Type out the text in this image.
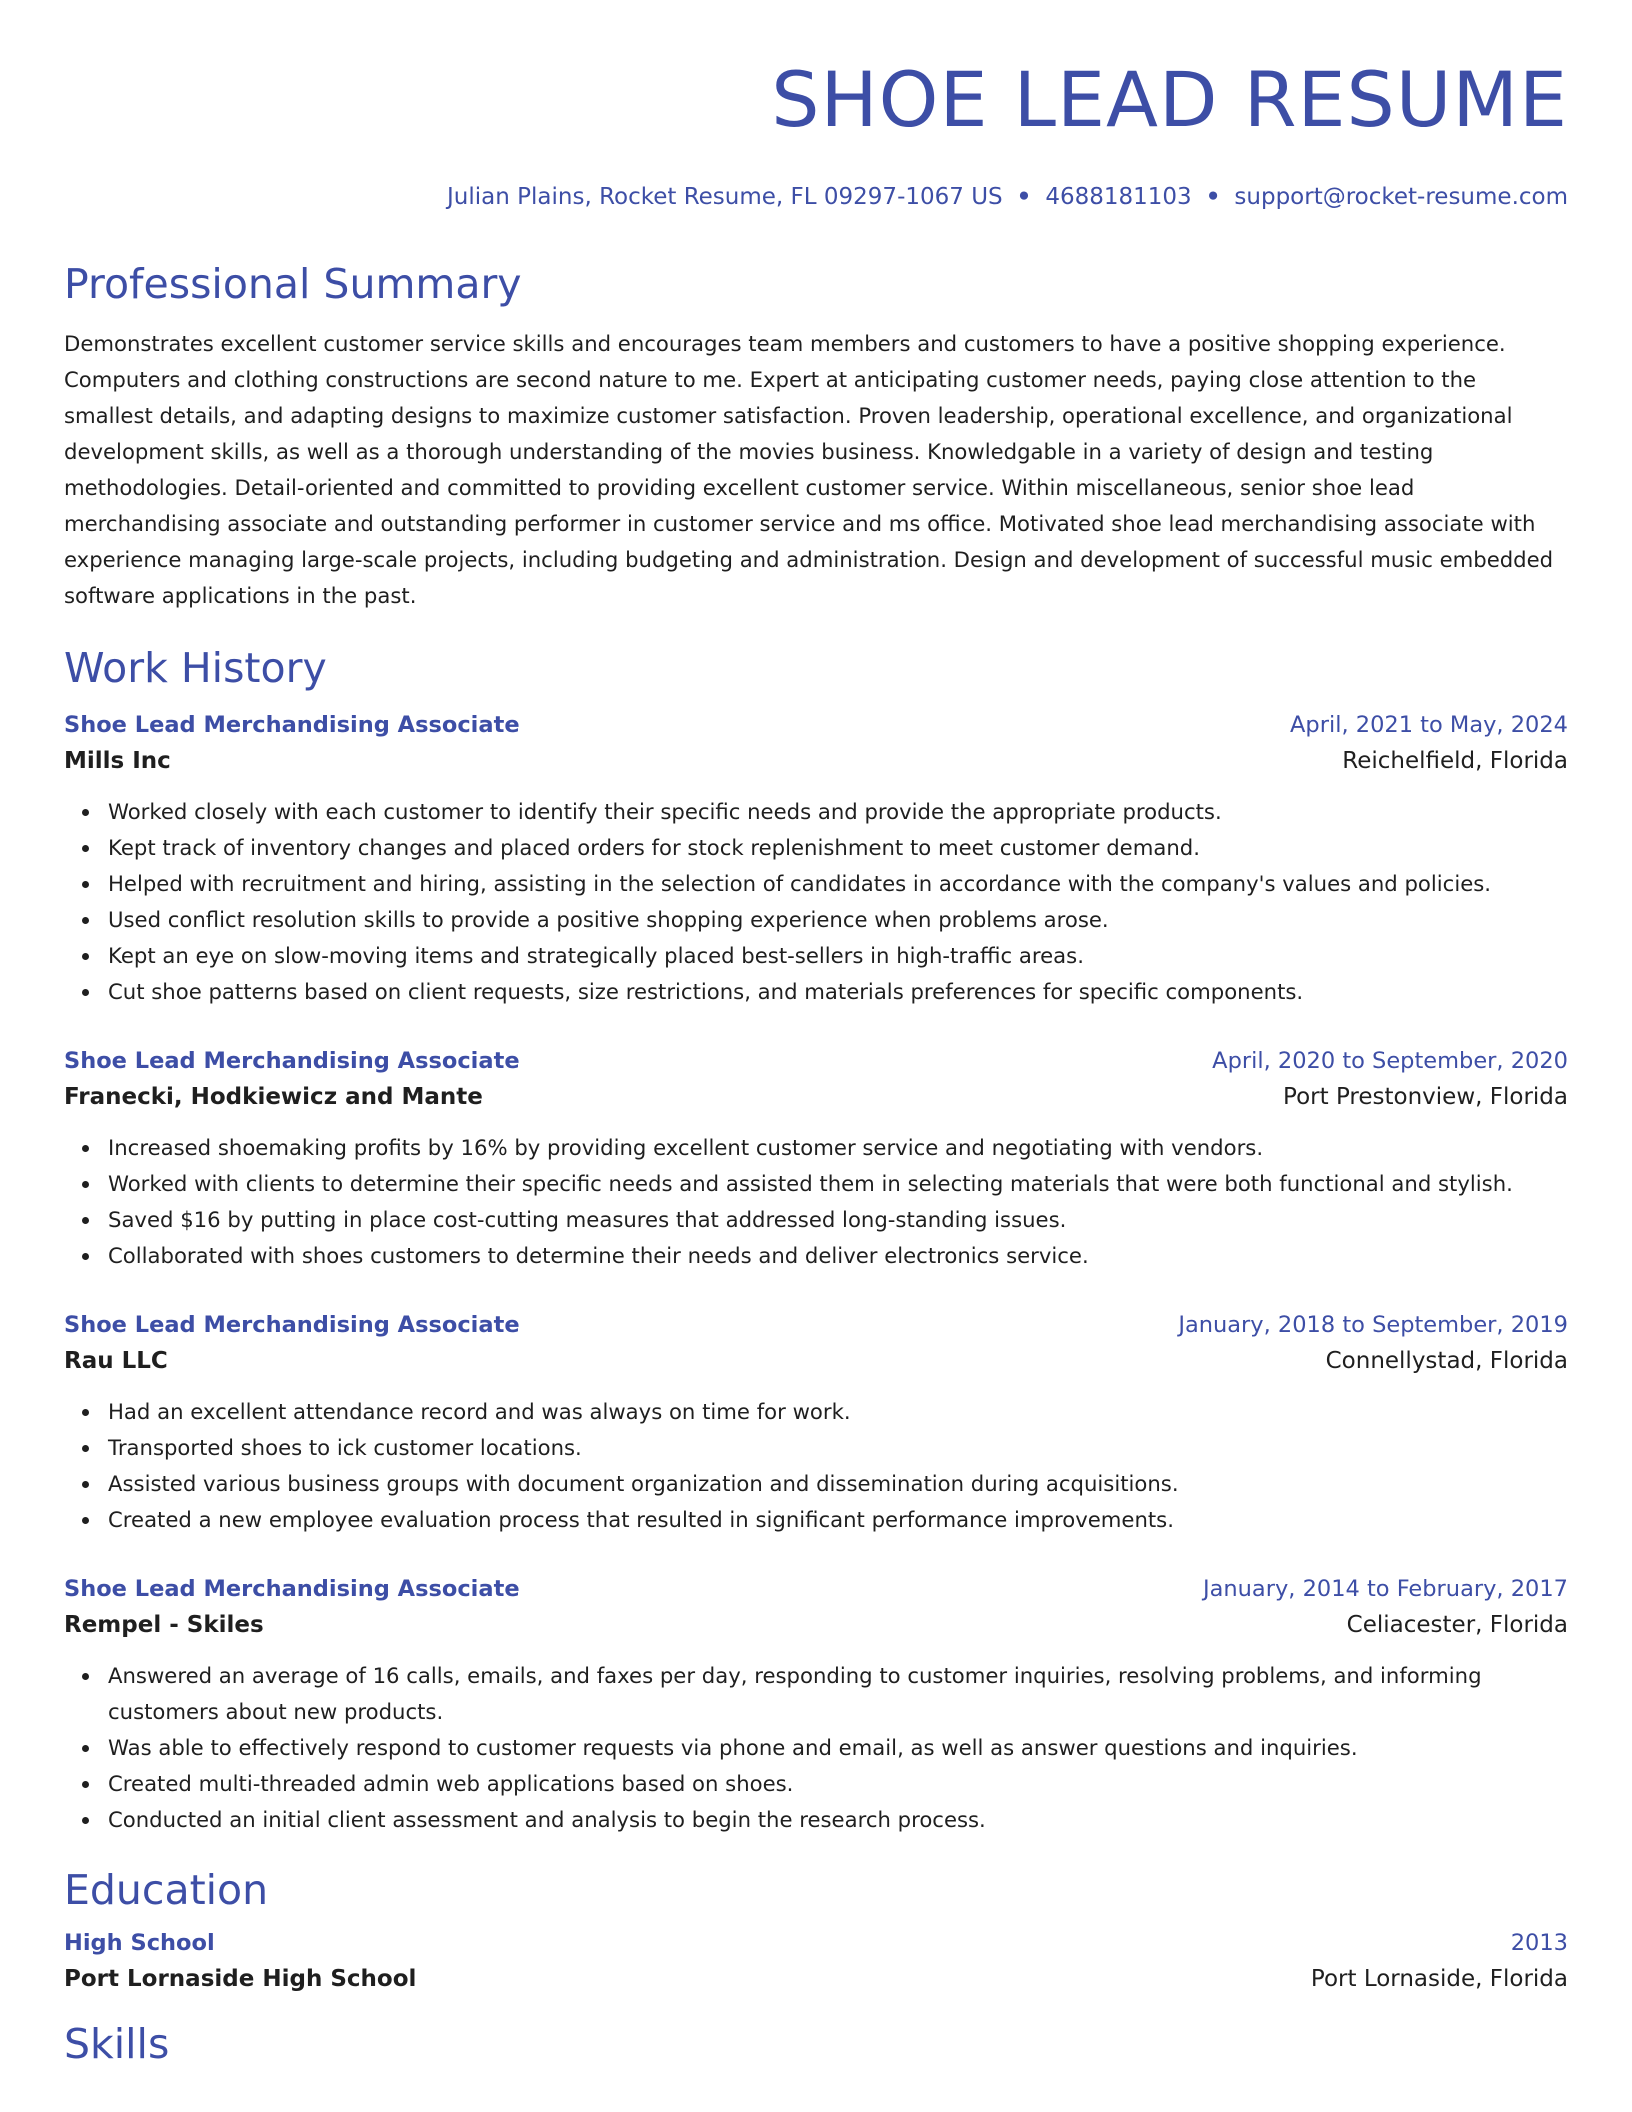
SHOE LEAD RESUME
Julian Plains, Rocket Resume, FL 09297-1067 US • 4688181103 • support@rocket-resume.com
Professional Summary

Demonstrates excellent customer service skills and encourages team members and customers to have a positive shopping experience. Computers and clothing constructions are second nature to me. Expert at anticipating customer needs, paying close attention to the smallest details, and adapting designs to maximize customer satisfaction. Proven leadership, operational excellence, and organizational development skills, as well as a thorough understanding of the movies business. Knowledgable in a variety of design and testing methodologies. Detail-oriented and committed to providing excellent customer service. Within miscellaneous, senior shoe lead merchandising associate and outstanding performer in customer service and ms office. Motivated shoe lead merchandising associate with experience managing large-scale projects, including budgeting and administration. Design and development of successful music embedded software applications in the past.

Work History
Shoe Lead Merchandising Associate	April, 2021 to May, 2024
Mills Inc	Reichelfield, Florida
Worked closely with each customer to identify their specific needs and provide the appropriate products.
Kept track of inventory changes and placed orders for stock replenishment to meet customer demand.
Helped with recruitment and hiring, assisting in the selection of candidates in accordance with the company's values and policies.
Used conflict resolution skills to provide a positive shopping experience when problems arose.
Kept an eye on slow-moving items and strategically placed best-sellers in high-traffic areas.
Cut shoe patterns based on client requests, size restrictions, and materials preferences for specific components.
Shoe Lead Merchandising Associate	April, 2020 to September, 2020
Franecki, Hodkiewicz and Mante	Port Prestonview, Florida
Increased shoemaking profits by 16% by providing excellent customer service and negotiating with vendors.
Worked with clients to determine their specific needs and assisted them in selecting materials that were both functional and stylish.
Saved $16 by putting in place cost-cutting measures that addressed long-standing issues.
Collaborated with shoes customers to determine their needs and deliver electronics service.
Shoe Lead Merchandising Associate	January, 2018 to September, 2019
Rau LLC	Connellystad, Florida
Had an excellent attendance record and was always on time for work.
Transported shoes to ick customer locations.
Assisted various business groups with document organization and dissemination during acquisitions.
Created a new employee evaluation process that resulted in significant performance improvements.
Shoe Lead Merchandising Associate	January, 2014 to February, 2017
Rempel - Skiles	Celiacester, Florida
Answered an average of 16 calls, emails, and faxes per day, responding to customer inquiries, resolving problems, and informing customers about new products.
Was able to effectively respond to customer requests via phone and email, as well as answer questions and inquiries.
Created multi-threaded admin web applications based on shoes.
Conducted an initial client assessment and analysis to begin the research process.
Education
High School	2013
Port Lornaside High School	Port Lornaside, Florida
Skills
